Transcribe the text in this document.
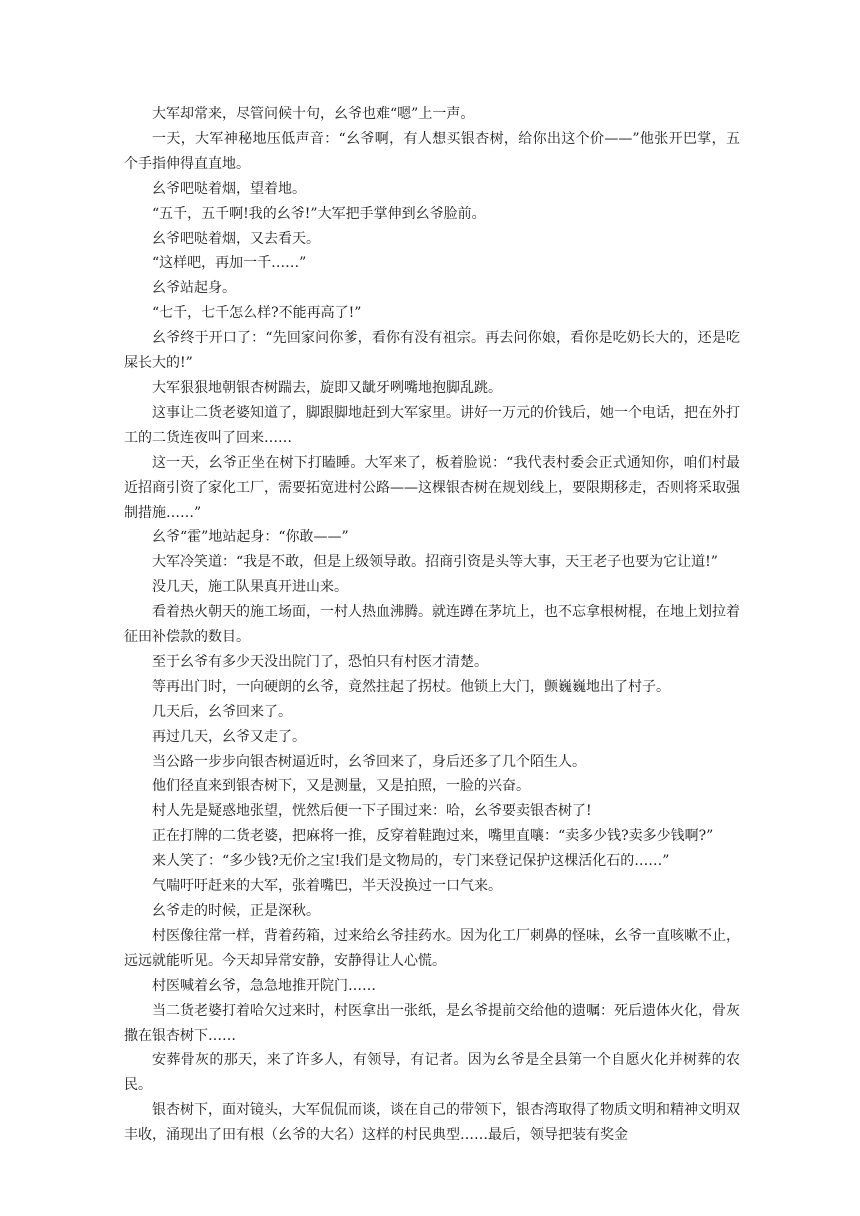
大军却常来，尽管问候十句，幺爷也难“嗯”上一声。

一天，大军神秘地压低声音：“幺爷啊，有人想买银杏树，给你出这个价——”他张开巴掌，五个手指伸得直直地。

幺爷吧哒着烟，望着地。

“五千，五千啊!我的幺爷!”大军把手掌伸到幺爷脸前。

幺爷吧哒着烟，又去看天。

“这样吧，再加一千……”

幺爷站起身。

“七千，七千怎么样?不能再高了!”

幺爷终于开口了：“先回家问你爹，看你有没有祖宗。再去问你娘，看你是吃奶长大的，还是吃屎长大的!”

大军狠狠地朝银杏树踹去，旋即又龇牙咧嘴地抱脚乱跳。

这事让二货老婆知道了，脚跟脚地赶到大军家里。讲好一万元的价钱后，她一个电话，把在外打工的二货连夜叫了回来……

这一天，幺爷正坐在树下打瞌睡。大军来了，板着脸说：“我代表村委会正式通知你，咱们村最近招商引资了家化工厂，需要拓宽进村公路——这棵银杏树在规划线上，要限期移走，否则将采取强制措施……”

幺爷“霍”地站起身：“你敢——”

大军冷笑道：“我是不敢，但是上级领导敢。招商引资是头等大事，天王老子也要为它让道!”

没几天，施工队果真开进山来。

看着热火朝天的施工场面，一村人热血沸腾。就连蹲在茅坑上，也不忘拿根树棍，在地上划拉着征田补偿款的数目。

至于幺爷有多少天没出院门了，恐怕只有村医才清楚。

等再出门时，一向硬朗的幺爷，竟然拄起了拐杖。他锁上大门，颤巍巍地出了村子。

几天后，幺爷回来了。

再过几天，幺爷又走了。

当公路一步步向银杏树逼近时，幺爷回来了，身后还多了几个陌生人。

他们径直来到银杏树下，又是测量，又是拍照，一脸的兴奋。

村人先是疑惑地张望，恍然后便一下子围过来：哈，幺爷要卖银杏树了!

正在打牌的二货老婆，把麻将一推，反穿着鞋跑过来，嘴里直嚷：“卖多少钱?卖多少钱啊?”

来人笑了：“多少钱?无价之宝!我们是文物局的，专门来登记保护这棵活化石的……”

气喘吁吁赶来的大军，张着嘴巴，半天没换过一口气来。

幺爷走的时候，正是深秋。

村医像往常一样，背着药箱，过来给幺爷挂药水。因为化工厂刺鼻的怪味，幺爷一直咳嗽不止，远远就能听见。今天却异常安静，安静得让人心慌。

村医喊着幺爷，急急地推开院门……

当二货老婆打着哈欠过来时，村医拿出一张纸，是幺爷提前交给他的遗嘱：死后遗体火化，骨灰撒在银杏树下……

安葬骨灰的那天，来了许多人，有领导，有记者。因为幺爷是全县第一个自愿火化并树葬的农民。

银杏树下，面对镜头，大军侃侃而谈，谈在自己的带领下，银杏湾取得了物质文明和精神文明双丰收，涌现出了田有根（幺爷的大名）这样的村民典型……最后，领导把装有奖金
